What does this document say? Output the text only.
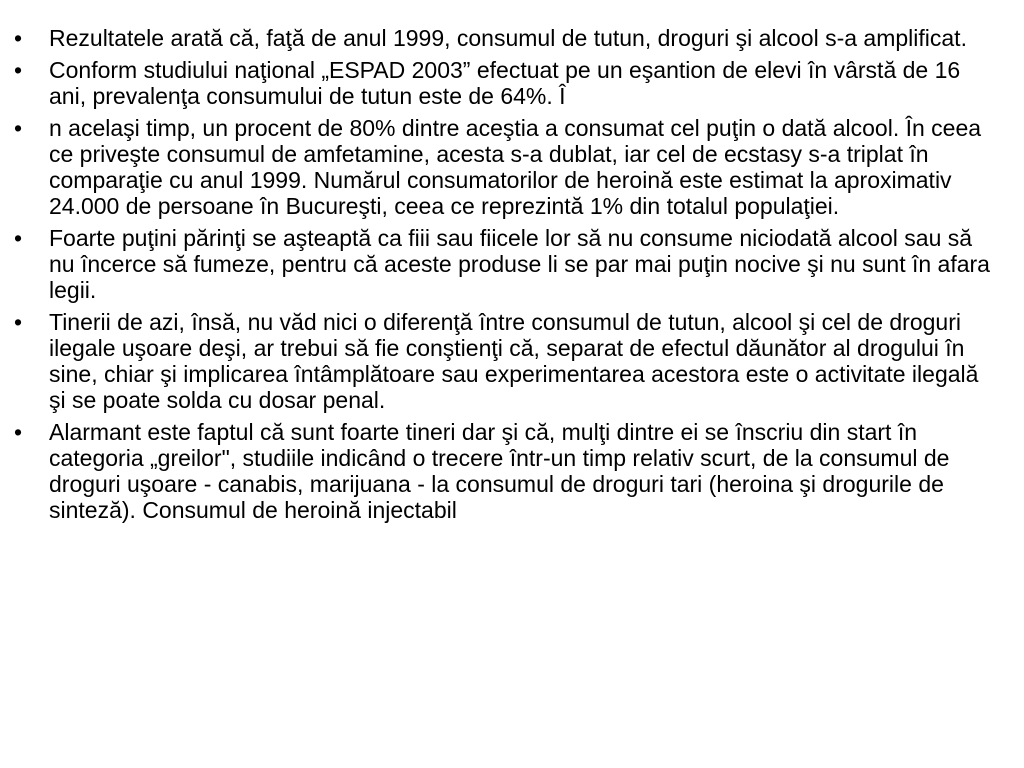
•	Rezultatele arată că, faţă de anul 1999, consumul de tutun, droguri şi alcool s-a amplificat.
•	Conform studiului naţional „ESPAD 2003” efectuat pe un eşantion de elevi în vârstă de 16 ani, prevalenţa consumului de tutun este de 64%. Î
•	n acelaşi timp, un procent de 80% dintre aceştia a consumat cel puţin o dată alcool. În ceea ce priveşte consumul de amfetamine, acesta s-a dublat, iar cel de ecstasy s-a triplat în comparaţie cu anul 1999. Numărul consumatorilor de heroină este estimat la aproximativ 24.000 de persoane în Bucureşti, ceea ce reprezintă 1% din totalul populaţiei.
•	Foarte puţini părinţi se aşteaptă ca fiii sau fiicele lor să nu consume niciodată alcool sau să nu încerce să fumeze, pentru că aceste produse li se par mai puţin nocive şi nu sunt în afara legii.
•	Tinerii de azi, însă, nu văd nici o diferenţă între consumul de tutun, alcool şi cel de droguri ilegale uşoare deşi, ar trebui să fie conştienţi că, separat de efectul dăunător al drogului în sine, chiar şi implicarea întâmplătoare sau experimentarea acestora este o activitate ilegală şi se poate solda cu dosar penal.
•	Alarmant este faptul că sunt foarte tineri dar şi că, mulţi dintre ei se înscriu din start în categoria „greilor", studiile indicând o trecere într-un timp relativ scurt, de la consumul de droguri uşoare - canabis, marijuana - la consumul de droguri tari (heroina şi drogurile de sinteză). Consumul de heroină injectabil
